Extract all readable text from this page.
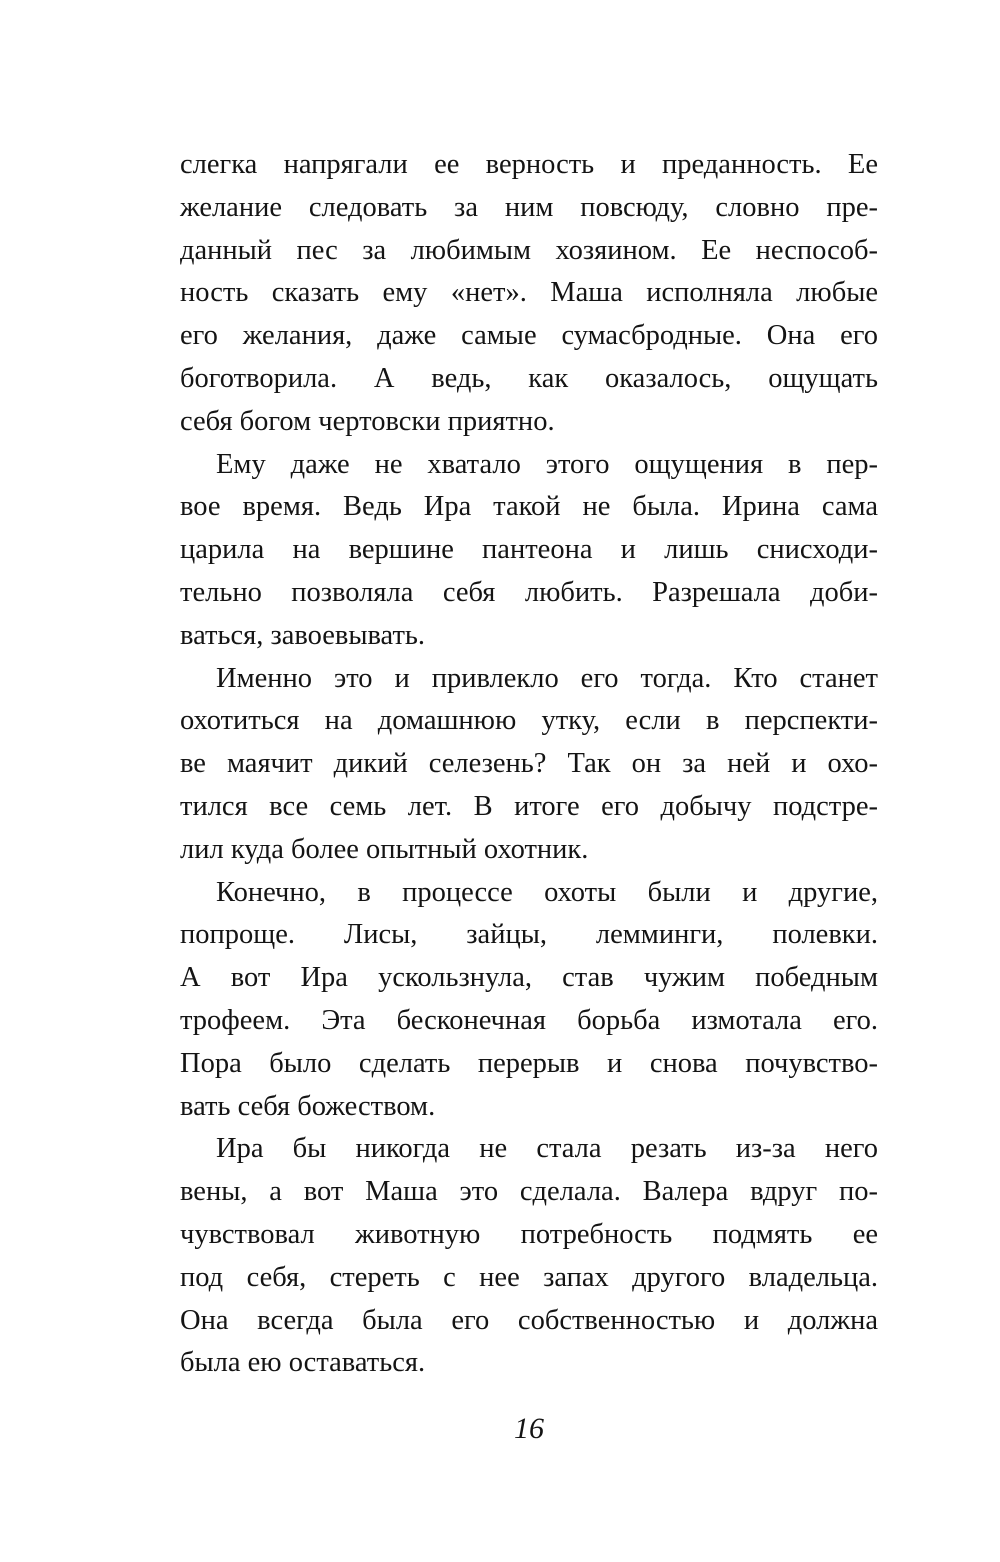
слегка напрягали ее верность и преданность. Ее
желание следовать за ним повсюду, словно пре-
данный пес за любимым хозяином. Ее неспособ-
ность сказать ему «нет». Маша исполняла любые
его желания, даже самые сумасбродные. Она его
боготворила. А ведь, как оказалось, ощущать
себя богом чертовски приятно.
Ему даже не хватало этого ощущения в пер-
вое время. Ведь Ира такой не была. Ирина сама
царила на вершине пантеона и лишь снисходи-
тельно позволяла себя любить. Разрешала доби-
ваться, завоевывать.
Именно это и привлекло его тогда. Кто станет
охотиться на домашнюю утку, если в перспекти-
ве маячит дикий селезень? Так он за ней и охо-
тился все семь лет. В итоге его добычу подстре-
лил куда более опытный охотник.
Конечно, в процессе охоты были и другие,
попроще. Лисы, зайцы, лемминги, полевки.
А вот Ира ускользнула, став чужим победным
трофеем. Эта бесконечная борьба измотала его.
Пора было сделать перерыв и снова почувство-
вать себя божеством.
Ира бы никогда не стала резать из-за него
вены, а вот Маша это сделала. Валера вдруг по-
чувствовал животную потребность подмять ее
под себя, стереть с нее запах другого владельца.
Она всегда была его собственностью и должна
была ею оставаться.
16
